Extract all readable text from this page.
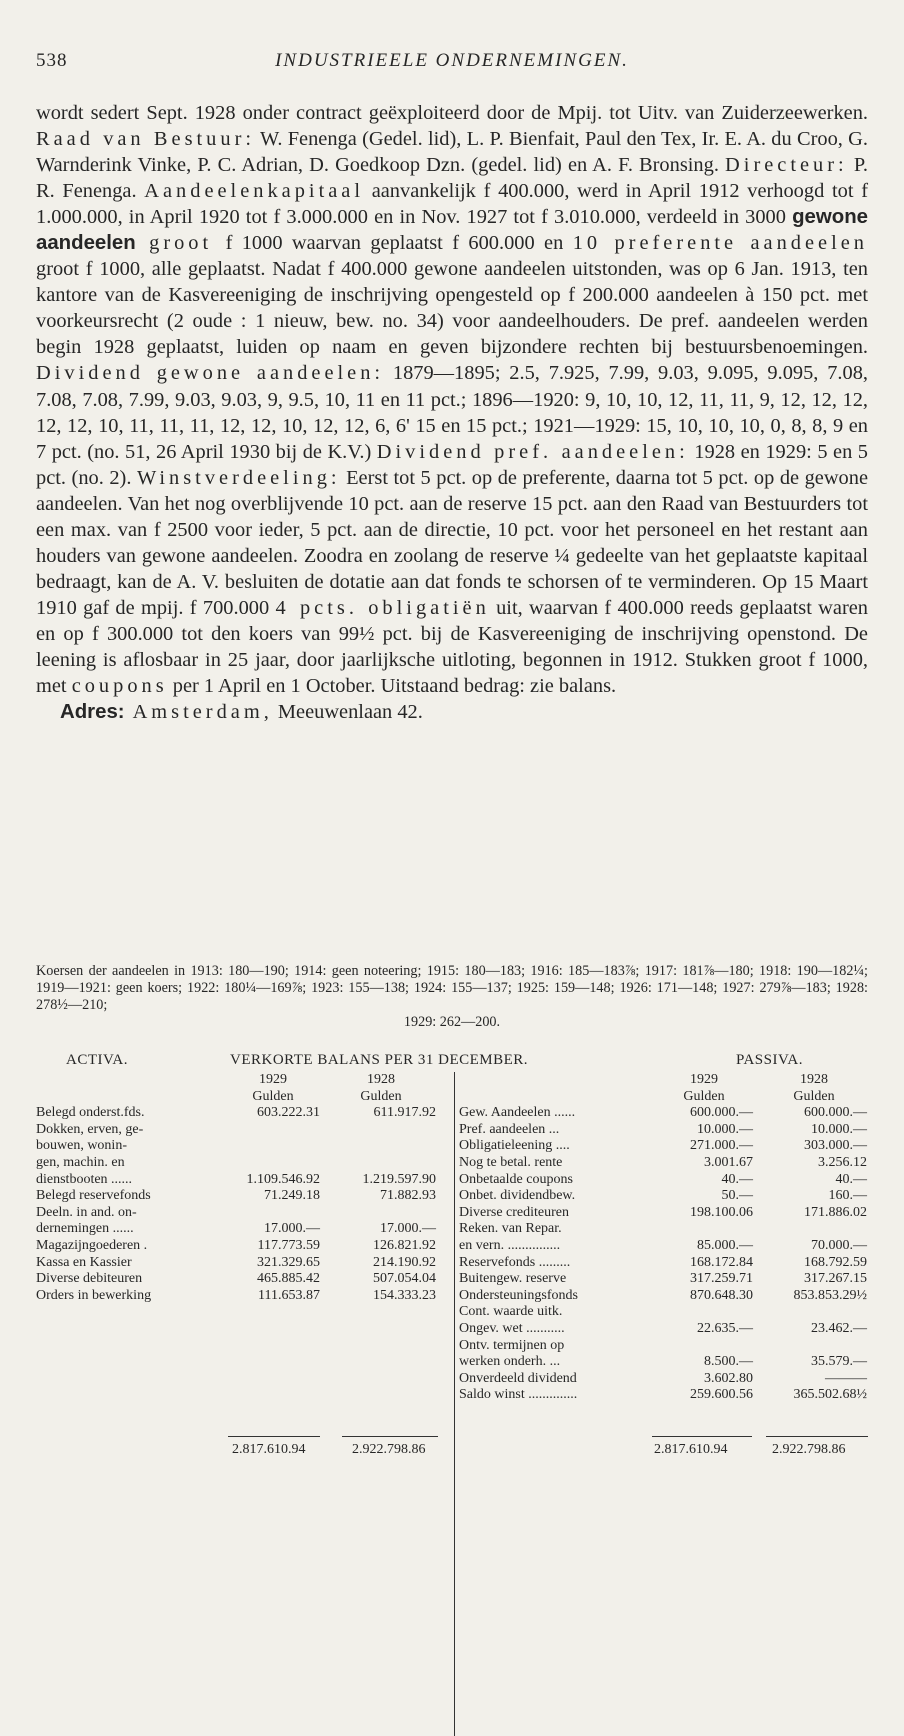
538	INDUSTRIEELE ONDERNEMINGEN.

wordt sedert Sept. 1928 onder contract geëxploiteerd door de Mpij. tot Uitv. van Zuiderzeewerken. Raad van Bestuur: W. Fenenga (Gedel. lid), L. P. Bienfait, Paul den Tex, Ir. E. A. du Croo, G. Warnderink Vinke, P. C. Adrian, D. Goedkoop Dzn. (gedel. lid) en A. F. Bronsing. Directeur: P. R. Fenenga. Aandeelenkapitaal aanvankelijk f 400.000, werd in April 1912 verhoogd tot f 1.000.000, in April 1920 tot f 3.000.000 en in Nov. 1927 tot f 3.010.000, verdeeld in 3000 gewone aandeelen groot f 1000 waarvan geplaatst f 600.000 en 10 preferente aandeelen groot f 1000, alle geplaatst. Nadat f 400.000 gewone aandeelen uitstonden, was op 6 Jan. 1913, ten kantore van de Kasvereeniging de inschrijving opengesteld op f 200.000 aandeelen à 150 pct. met voorkeursrecht (2 oude : 1 nieuw, bew. no. 34) voor aandeelhouders. De pref. aandeelen werden begin 1928 geplaatst, luiden op naam en geven bijzondere rechten bij bestuursbenoemingen. Dividend gewone aandeelen: 1879—1895; 2.5, 7.925, 7.99, 9.03, 9.095, 9.095, 7.08, 7.08, 7.08, 7.99, 9.03, 9.03, 9, 9.5, 10, 11 en 11 pct.; 1896—1920: 9, 10, 10, 12, 11, 11, 9, 12, 12, 12, 12, 12, 10, 11, 11, 11, 12, 12, 10, 12, 12, 6, 6' 15 en 15 pct.; 1921—1929: 15, 10, 10, 10, 0, 8, 8, 9 en 7 pct. (no. 51, 26 April 1930 bij de K.V.) Dividend pref. aandeelen: 1928 en 1929: 5 en 5 pct. (no. 2). Winstverdeeling: Eerst tot 5 pct. op de preferente, daarna tot 5 pct. op de gewone aandeelen. Van het nog overblijvende 10 pct. aan de reserve 15 pct. aan den Raad van Bestuurders tot een max. van f 2500 voor ieder, 5 pct. aan de directie, 10 pct. voor het personeel en het restant aan houders van gewone aandeelen. Zoodra en zoolang de reserve ¼ gedeelte van het geplaatste kapitaal bedraagt, kan de A. V. besluiten de dotatie aan dat fonds te schorsen of te verminderen. Op 15 Maart 1910 gaf de mpij. f 700.000 4 pcts. obligatiën uit, waarvan f 400.000 reeds geplaatst waren en op f 300.000 tot den koers van 99½ pct. bij de Kasvereeniging de inschrijving openstond. De leening is aflosbaar in 25 jaar, door jaarlijksche uitloting, begonnen in 1912. Stukken groot f 1000, met coupons per 1 April en 1 October. Uitstaand bedrag: zie balans.

Adres: Amsterdam, Meeuwenlaan 42.

Koersen der aandeelen in 1913: 180—190; 1914: geen noteering; 1915: 180—183; 1916: 185—183⅞; 1917: 181⅞—180; 1918: 190—182¼; 1919—1921: geen koers; 1922: 180¼—169⅞; 1923: 155—138; 1924: 155—137; 1925: 159—148; 1926: 171—148; 1927: 279⅞—183; 1928: 278½—210;

1929: 262—200.

ACTIVA.	VERKORTE BALANS PER 31 DECEMBER.	PASSIVA.
1929	1928
Gulden	Gulden
Belegd onderst.fds.	603.222.31	611.917.92
Dokken, erven, ge-
bouwen, wonin-
gen, machin. en
dienstbooten ......	1.109.546.92	1.219.597.90
Belegd reservefonds	71.249.18	71.882.93
Deeln. in and. on-
dernemingen ......	17.000.—	17.000.—
Magazijngoederen .	117.773.59	126.821.92
Kassa en Kassier	321.329.65	214.190.92
Diverse debiteuren	465.885.42	507.054.04
Orders in bewerking	111.653.87	154.333.23
1929	1928
Gulden	Gulden
Gew. Aandeelen ......	600.000.—	600.000.—
Pref. aandeelen ...	10.000.—	10.000.—
Obligatieleening ....	271.000.—	303.000.—
Nog te betal. rente	3.001.67	3.256.12
Onbetaalde coupons	40.—	40.—
Onbet. dividendbew.	50.—	160.—
Diverse crediteuren	198.100.06	171.886.02
Reken. van Repar.
en vern. ...............	85.000.—	70.000.—
Reservefonds .........	168.172.84	168.792.59
Buitengew. reserve	317.259.71	317.267.15
Ondersteuningsfonds	870.648.30	853.853.29½
Cont. waarde uitk.
Ongev. wet ...........	22.635.—	23.462.—
Ontv. termijnen op
werken onderh. ...	8.500.—	35.579.—
Onverdeeld dividend	3.602.80	———
Saldo winst ..............	259.600.56	365.502.68½
2.817.610.94	2.922.798.86	2.817.610.94	2.922.798.86
